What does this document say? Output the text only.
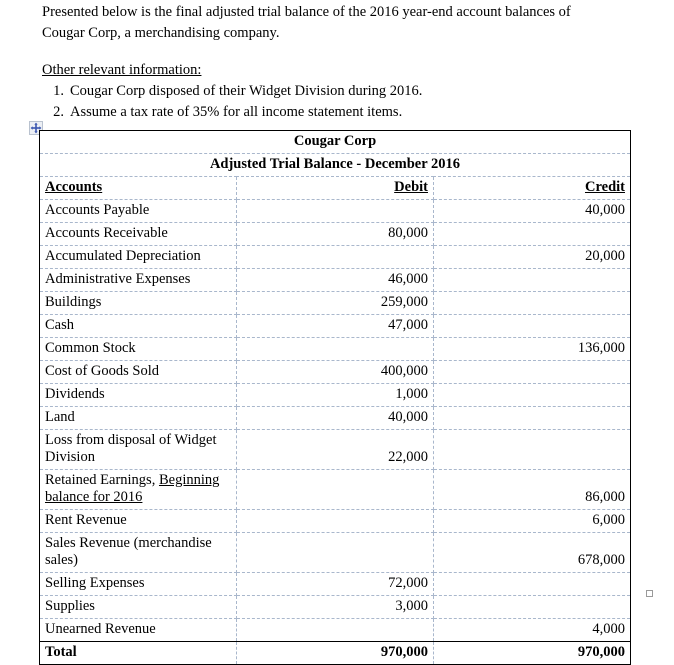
Presented below is the final adjusted trial balance of the 2016 year-end account balances of
Cougar Corp, a merchandising company.
Other relevant information:
1. Cougar Corp disposed of their Widget Division during 2016.
2. Assume a tax rate of 35% for all income statement items.
Cougar Corp		
Adjusted Trial Balance - December 2016		
Accounts	Debit	Credit
Accounts Payable		40,000
Accounts Receivable	80,000	
Accumulated Depreciation		20,000
Administrative Expenses	46,000	
Buildings	259,000	
Cash	47,000	
Common Stock		136,000
Cost of Goods Sold	400,000	
Dividends	1,000	
Land	40,000	
Loss from disposal of Widget Division	22,000	
Retained Earnings, Beginning balance for 2016		86,000
Rent Revenue		6,000
Sales Revenue (merchandise sales)		678,000
Selling Expenses	72,000	
Supplies	3,000	
Unearned Revenue		4,000
Total	970,000	970,000
